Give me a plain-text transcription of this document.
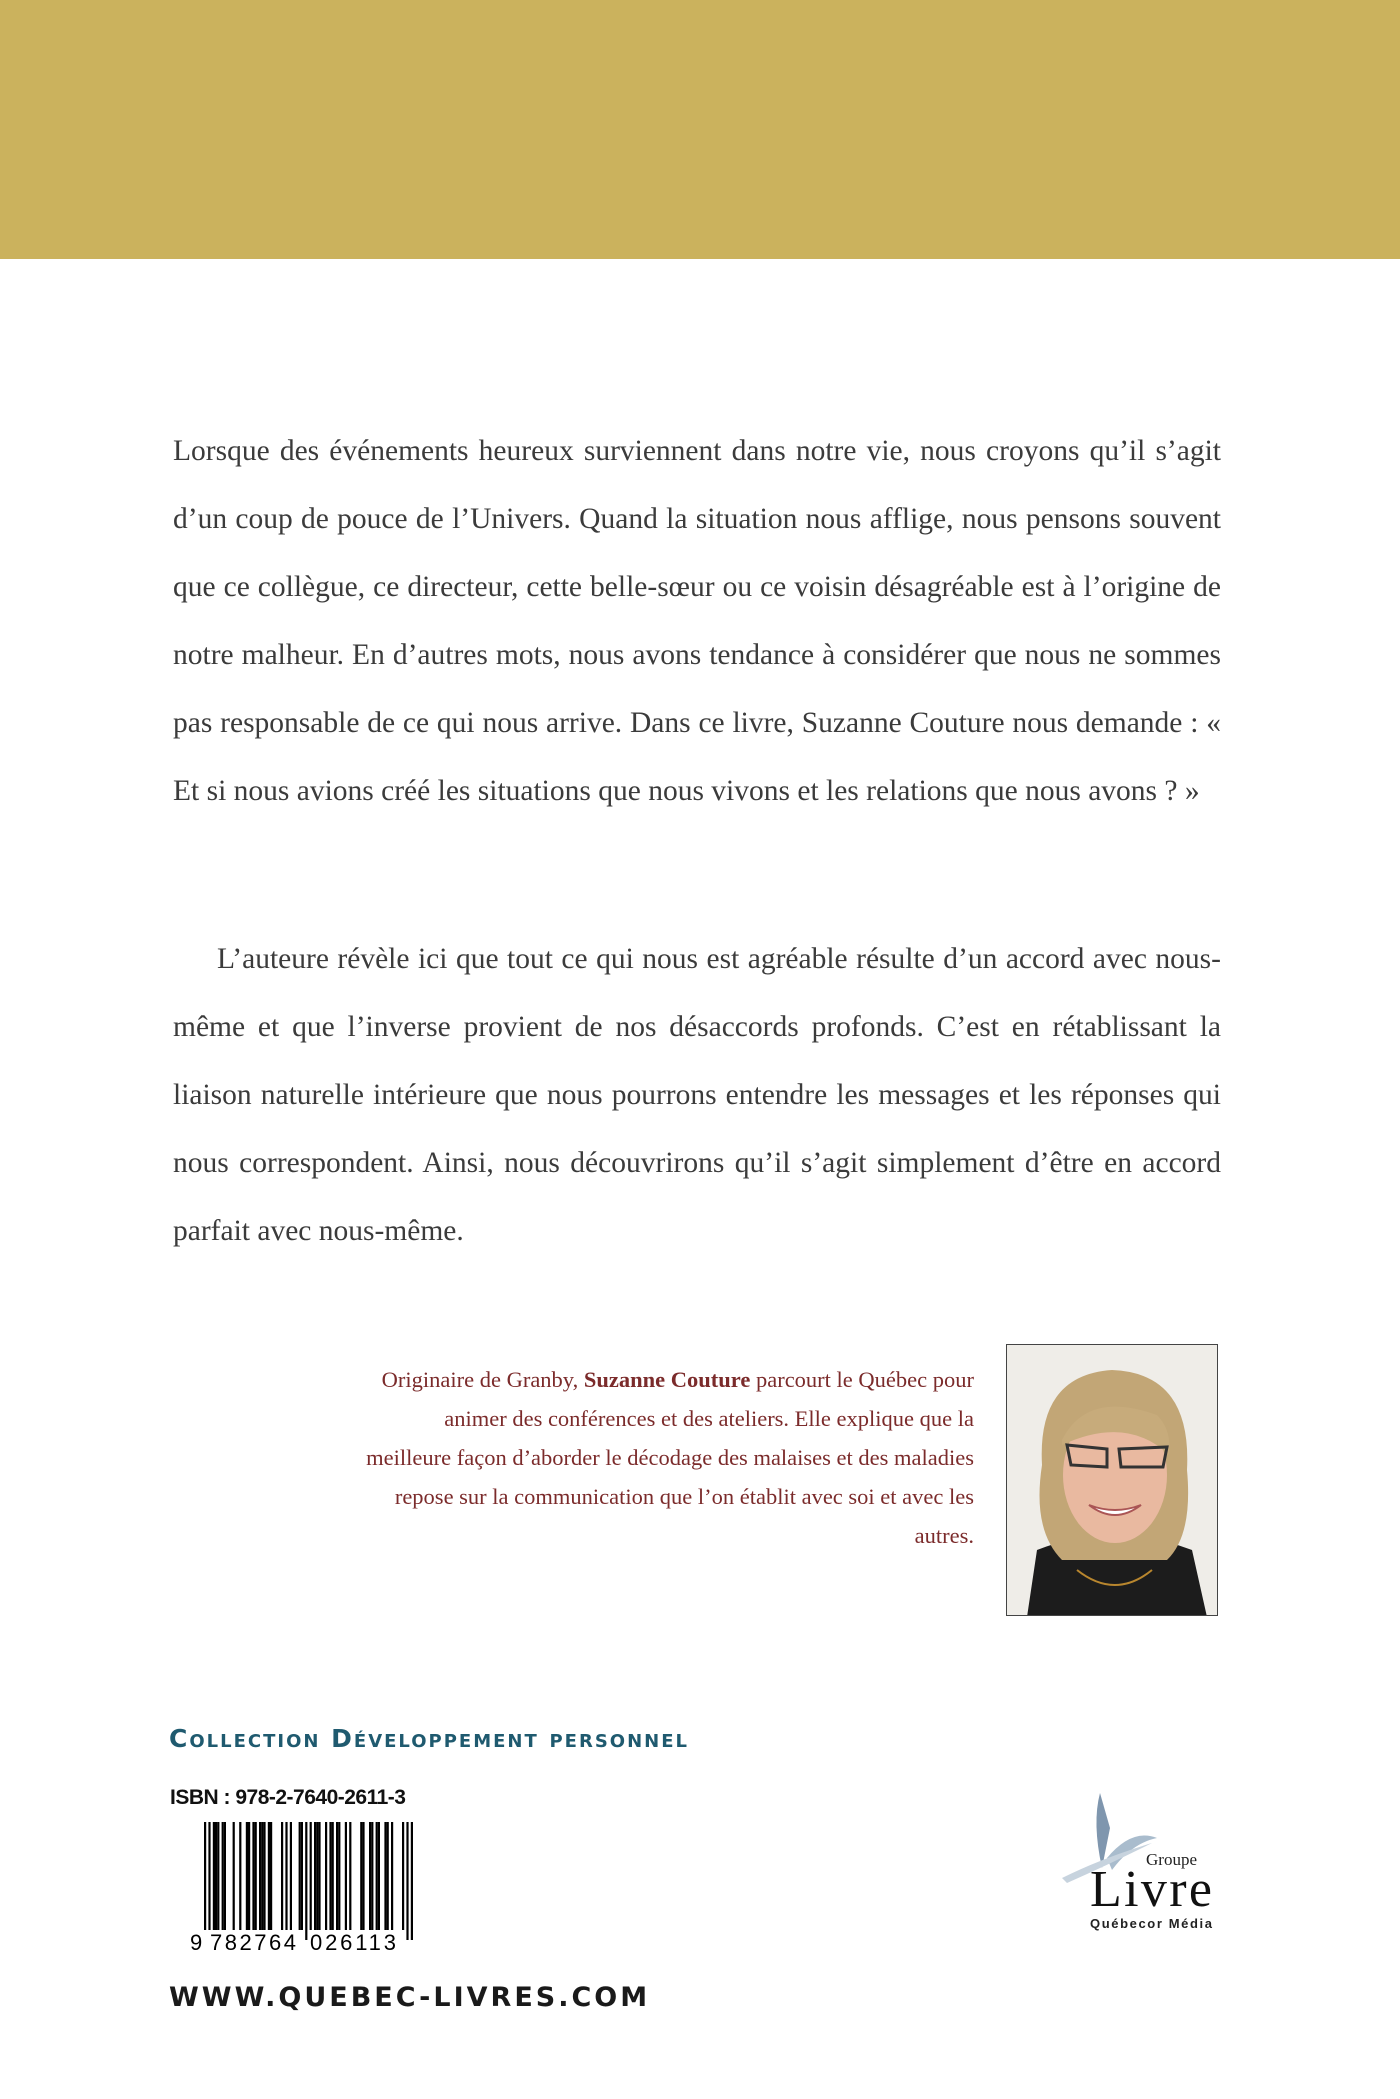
Lorsque des événements heureux surviennent dans notre vie, nous croyons qu’il s’agit d’un coup de pouce de l’Univers. Quand la situation nous afflige, nous pensons souvent que ce collègue, ce directeur, cette belle-sœur ou ce voisin désagréable est à l’origine de notre malheur. En d’autres mots, nous avons tendance à considérer que nous ne sommes pas responsable de ce qui nous arrive. Dans ce livre, Suzanne Couture nous demande : « Et si nous avions créé les situations que nous vivons et les relations que nous avons ? »

L’auteure révèle ici que tout ce qui nous est agréable résulte d’un accord avec nous-même et que l’inverse provient de nos désaccords profonds. C’est en rétablissant la liaison naturelle intérieure que nous pourrons entendre les messages et les réponses qui nous correspondent. Ainsi, nous découvrirons qu’il s’agit simplement d’être en accord parfait avec nous-même.

Originaire de Granby, Suzanne Couture parcourt le Québec pour animer des conférences et des ateliers. Elle explique que la meilleure façon d’aborder le décodage des malaises et des maladies repose sur la communication que l’on établit avec soi et avec les autres.

Collection Développement personnel
ISBN : 978-2-7640-2611-3
9 782764 026113
WWW.QUEBEC-LIVRES.COM
Groupe
Livre
Québecor Média
